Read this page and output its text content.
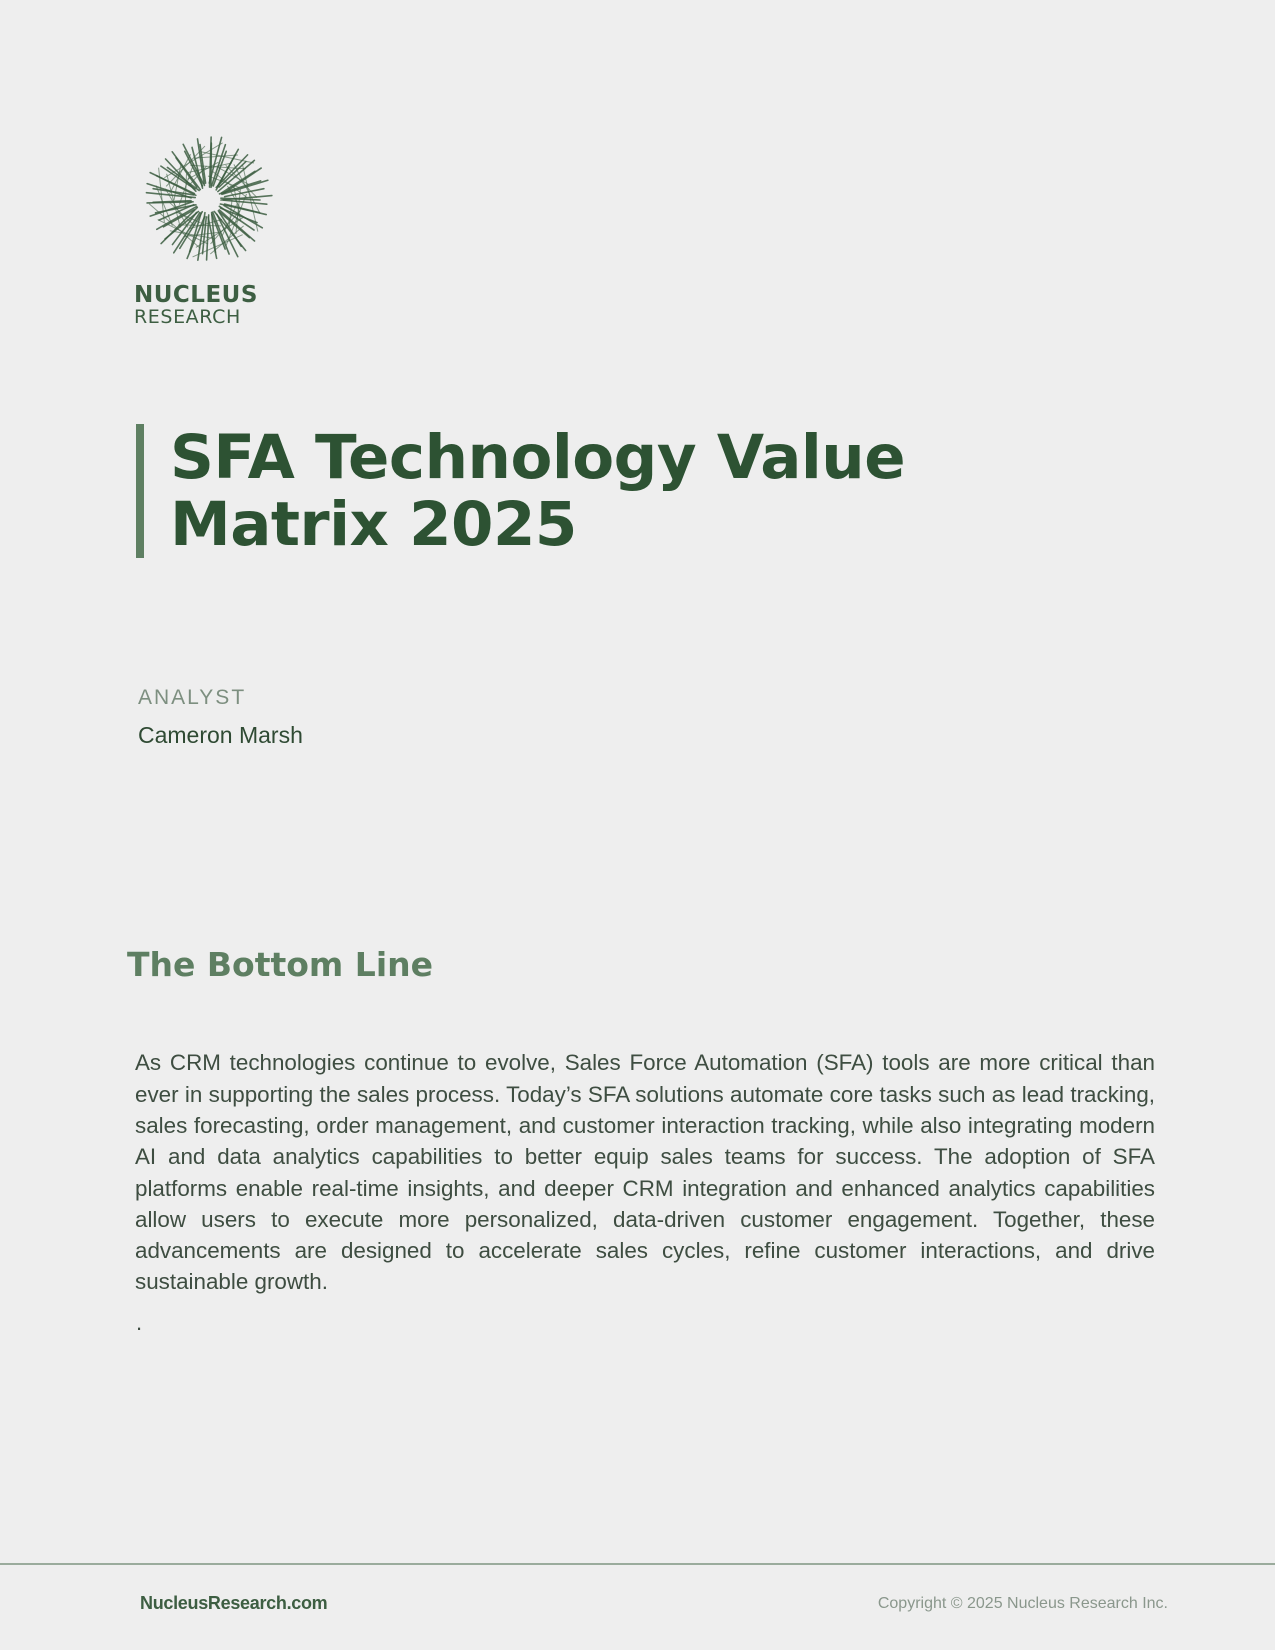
NUCLEUS
RESEARCH
SFA Technology Value
Matrix 2025
ANALYST
Cameron Marsh
The Bottom Line

As CRM technologies continue to evolve, Sales Force Automation (SFA) tools are more critical than ever in supporting the sales process. Today’s SFA solutions automate core tasks such as lead tracking, sales forecasting, order management, and customer interaction tracking, while also integrating modern AI and data analytics capabilities to better equip sales teams for success. The adoption of SFA platforms enable real-time insights, and deeper CRM integration and enhanced analytics capabilities allow users to execute more personalized, data-driven customer engagement. Together, these advancements are designed to accelerate sales cycles, refine customer interactions, and drive sustainable growth.

.
NucleusResearch.com	Copyright © 2025 Nucleus Research Inc.
